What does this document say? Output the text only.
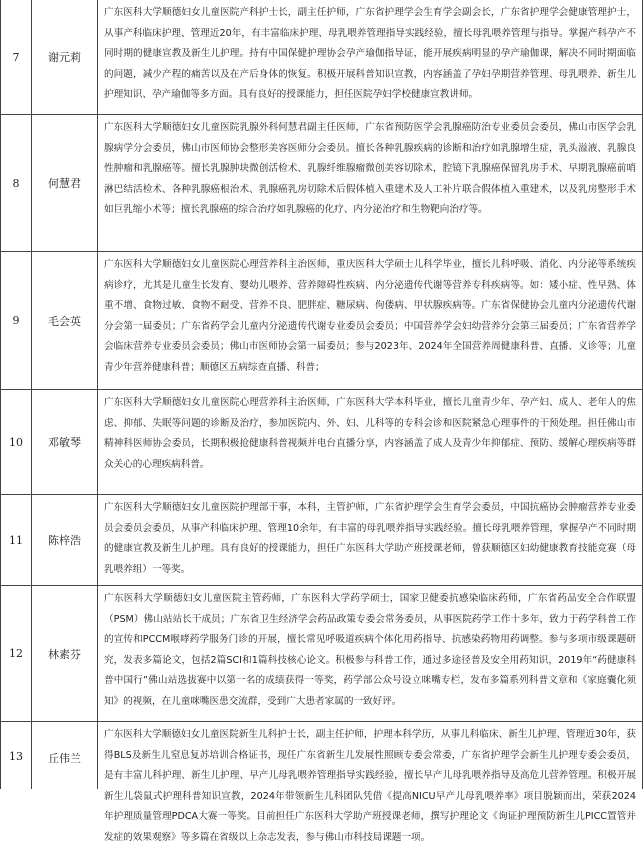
7	谢元莉
广东医科大学顺德妇女儿童医院产科护士长，副主任护师，广东省护理学会生育学会副会长，广东省护理学会健康管理护士，从事产科临床护理、管理近20年，有丰富临床护理、母乳喂养管理指导实践经验，擅长母乳喂养管理与指导。掌握产科孕产不同时期的健康宣教及新生儿护理。持有中国保健护理协会孕产瑜伽指导证，能开展疾病明显的孕产瑜伽课，解决不同时期面临的问题，减少产程的痛苦以及在产后身体的恢复。积极开展科普知识宣教，内容涵盖了孕妇孕期营养管理、母乳喂养、新生儿护理知识、孕产瑜伽等多方面。具有良好的授课能力，担任医院孕妇学校健康宣教讲师。
8	何慧君
广东医科大学顺德妇女儿童医院乳腺外科何慧君副主任医师，广东省预防医学会乳腺癌防治专业委员会委员，佛山市医学会乳腺病学分会委员，佛山市医师协会整形美容医师分会委员。擅长各种乳腺疾病的诊断和治疗如乳腺增生症，乳头溢液、乳腺良性肿瘤和乳腺癌等。擅长乳腺肿块微创活检术、乳腺纤维腺瘤微创美容切除术，腔镜下乳腺癌保留乳房手术、早期乳腺癌前哨淋巴结活检术、各种乳腺癌根治术、乳腺癌乳房切除术后假体植入重建术及人工补片联合假体植入重建术，以及乳房整形手术如巨乳缩小术等；擅长乳腺癌的综合治疗如乳腺癌的化疗、内分泌治疗和生物靶向治疗等。
9	毛会英
广东医科大学顺德妇女儿童医院心理营养科主治医师，重庆医科大学硕士儿科学毕业，擅长儿科呼吸、消化、内分泌等系统疾病诊疗，尤其是儿童生长发育、婴幼儿喂养、营养障碍性疾病、内分泌遗传代谢等营养专科疾病等。如：矮小症、性早熟、体重不增、食物过敏、食物不耐受、营养不良、肥胖症、糖尿病、佝偻病、甲状腺疾病等。广东省保健协会儿童内分泌遗传代谢分会第一届委员；广东省药学会儿童内分泌遗传代谢专业委员会委员；中国营养学会妇幼营养分会第三届委员；广东省营养学会临床营养专业委员会委员；佛山市医师协会第一届委员；参与2023年、2024年全国营养周健康科普、直播、义诊等；儿童青少年营养健康科普；顺德区五病综查直播、科普；
10	邓敏琴
广东医科大学顺德妇女儿童医院心理营养科主治医师，广东医科大学本科毕业，擅长儿童青少年、孕产妇、成人、老年人的焦虑、抑郁、失眠等问题的诊断及治疗，参加医院内、外、妇、儿科等的专科会诊和医院紧急心理事件的干预处理。担任佛山市精神科医师协会委员，长期积极抢健康科普视频并电台直播分享，内容涵盖了成人及青少年抑郁症、预防、缓解心理疾病等群众关心的心理疾病科普。
11	陈梓浩
广东医科大学顺德妇女儿童医院护理部干事，本科，主管护师，广东省护理学会生育学会委员，中国抗癌协会肿瘤营养专业委员会委员会委员，从事产科临床护理、管理10余年，有丰富的母乳喂养指导实践经验。擅长母乳喂养管理，掌握孕产不同时期的健康宣教及新生儿护理。具有良好的授课能力，担任广东医科大学助产班授课老师，曾获顺德区妇幼健康教育技能竞赛（母乳喂养组）一等奖。
12	林素芬
广东医科大学顺德妇女儿童医院主管药师，广东医科大学药学硕士，国家卫健委抗感染临床药师，广东省药品安全合作联盟（PSM）佛山站站长干成员；广东省卫生经济学会药品政策专委会常务委员，从事医院药学工作十多年，致力于药学科普工作的宣传和PCCM喉哮药学服务门诊的开展，擅长常见呼吸道疾病个体化用药指导、抗感染药物用药调整。参与多项市级课题研究，发表多篇论文，包括2篇SCI和1篇科技核心论文。积极参与科普工作，通过多途径普及安全用药知识，2019年“药健康科普中国行”佛山站选拔赛中以第一名的成绩获得一等奖，药学部公众号设立咪嘴专栏，发布多篇系列科普文章和《家庭囊化须知》的视频，在儿童咪嘴医患交流群，受到广大患者家属的一致好评。
13	丘伟兰
广东医科大学顺德妇女儿童医院新生儿科护士长，副主任护师，护理本科学历，从事儿科临床、新生儿护理、管理近30年，获得BLS及新生儿窒息复苏培训合格证书，现任广东省新生儿发展性照顾专委会常委，广东省护理学会新生儿护理专委会委员，是有丰富儿科护理、新生儿护理、早产儿母乳喂养管理指导实践经验，擅长早产儿母乳喂养指导及高危儿营养管理。积极开展新生儿袋鼠式护理科普知识宣教，2024年带领新生儿科团队凭借《提高NICU早产儿母乳喂养率》项目脱颖而出，荣获2024年护理质量管理PDCA大赛一等奖。目前担任广东医科大学助产班授课老师，撰写护理论文《询证护理预防新生儿PICC置管并发症的效果观察》等多篇在省级以上杂志发表，参与佛山市科技局课题一项。
